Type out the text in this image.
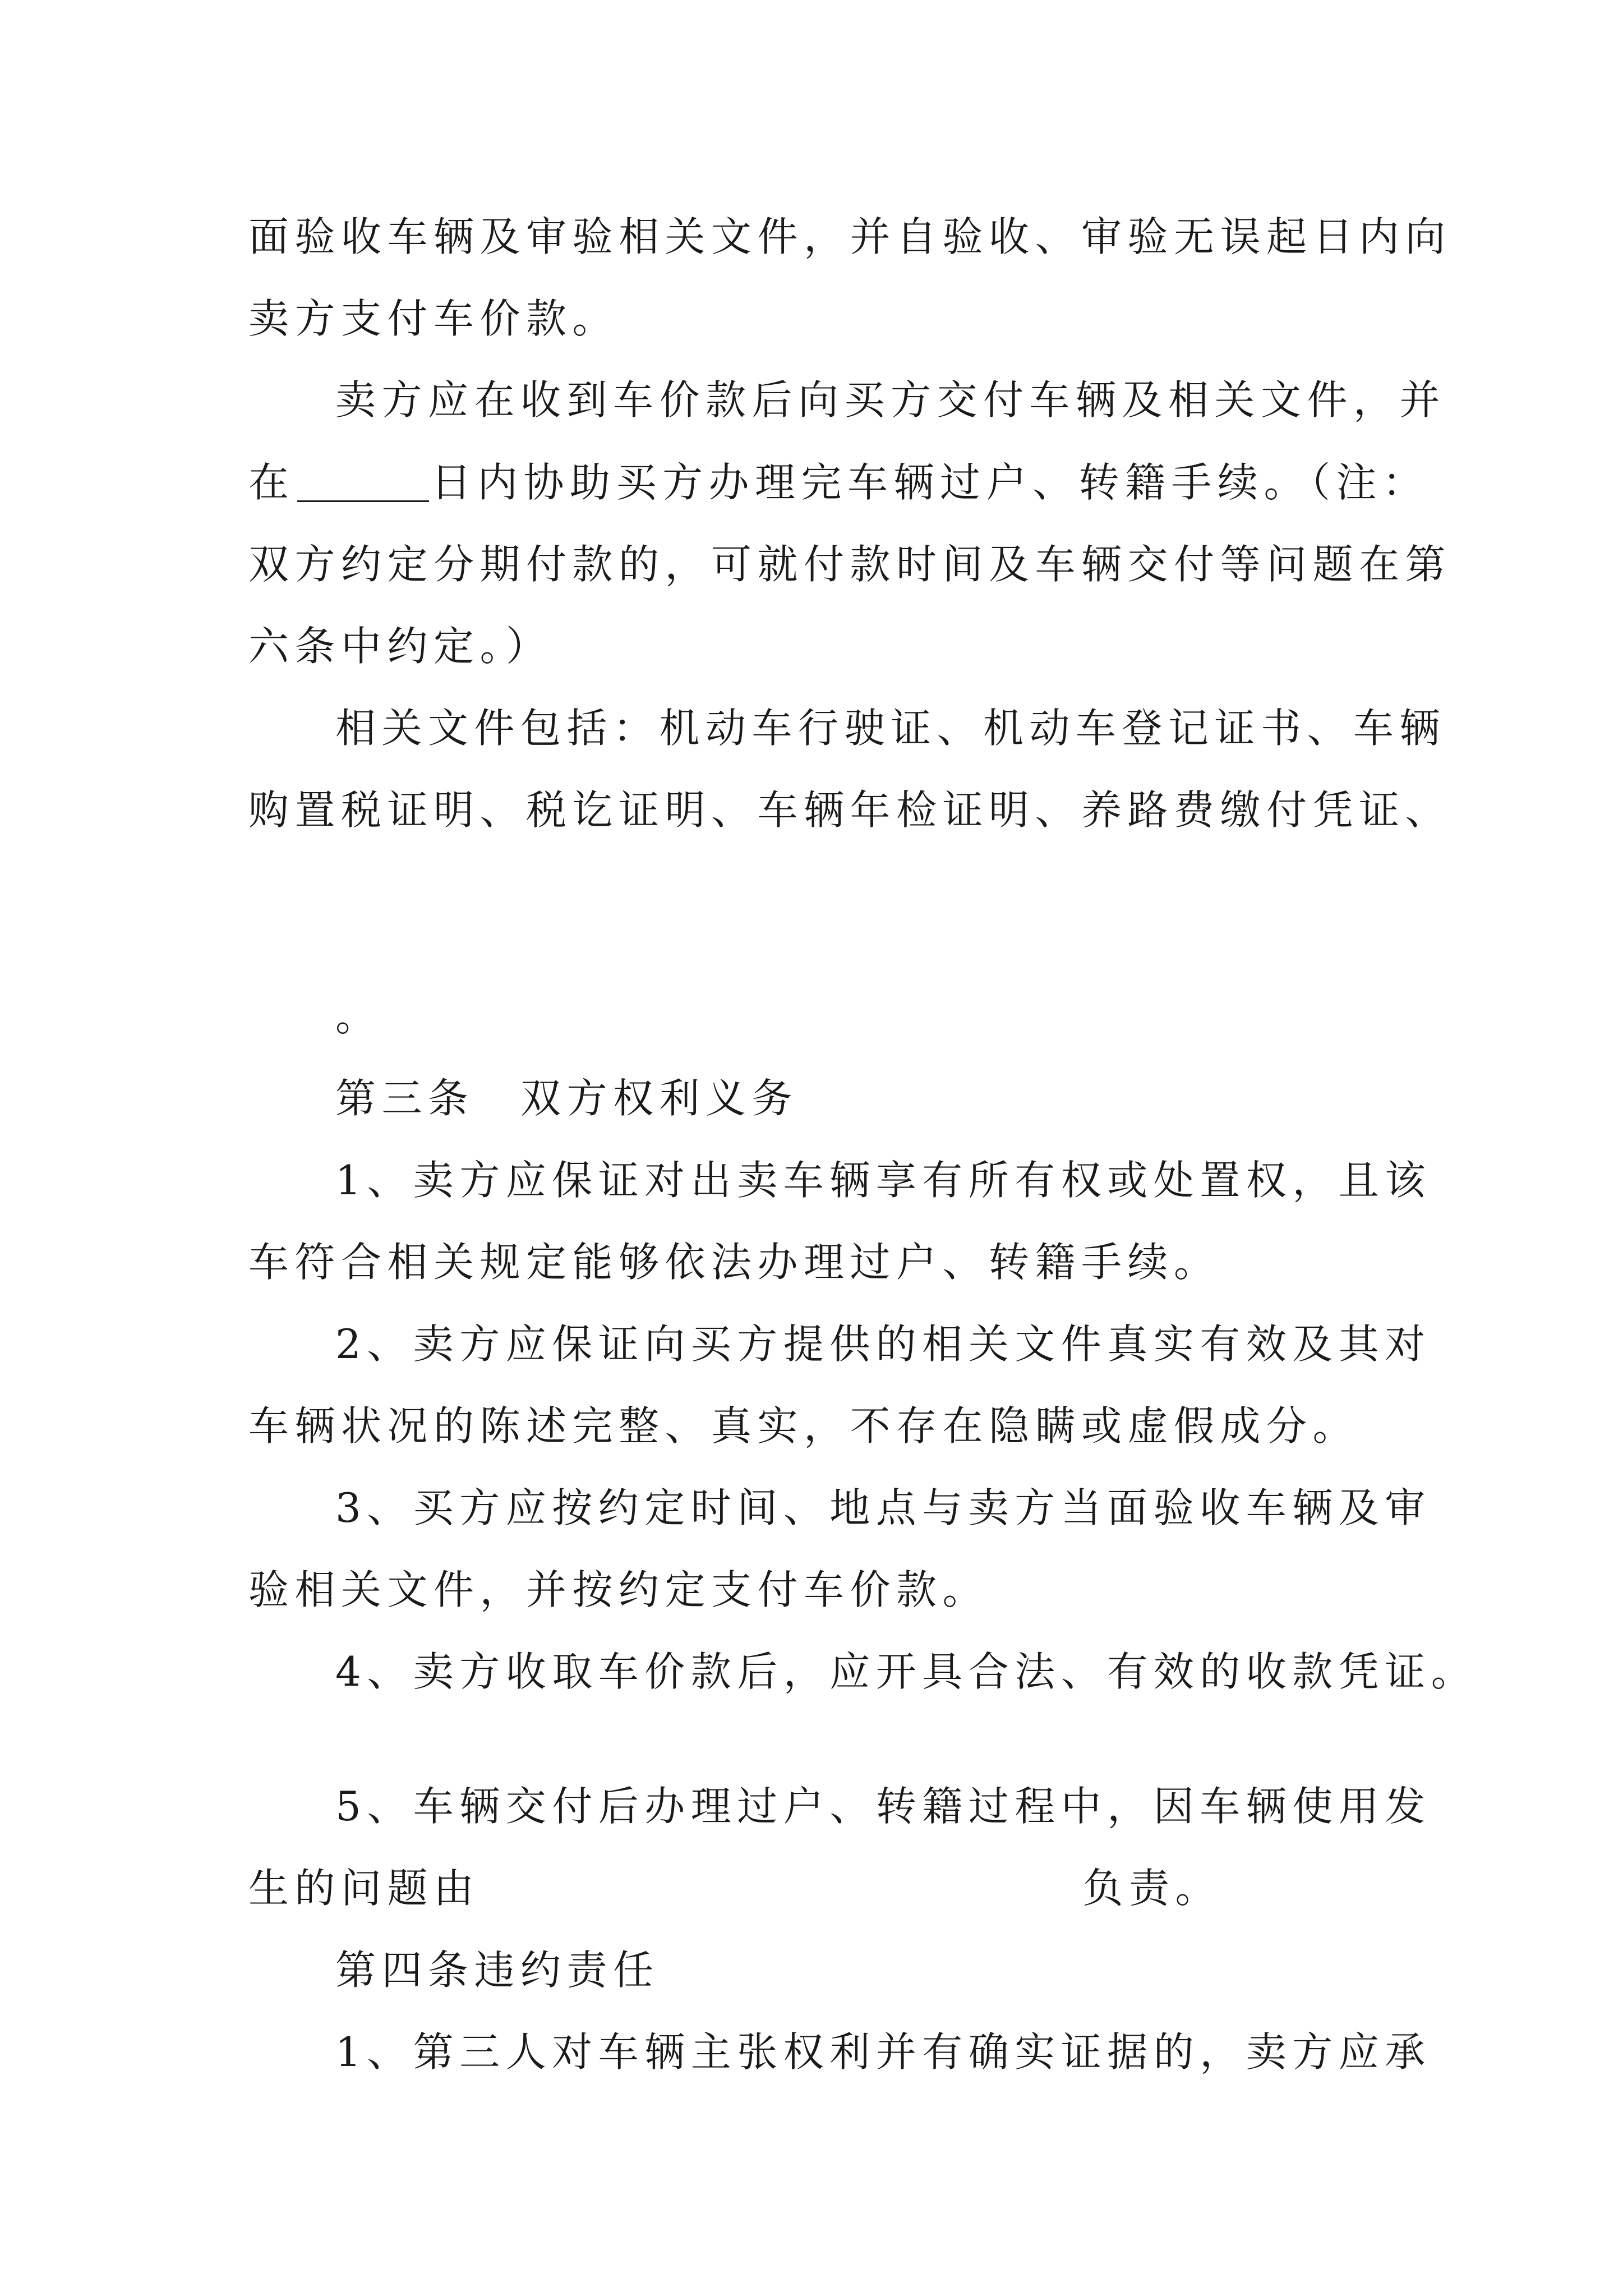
面验收车辆及审验相关文件，并自验收、审验无误起日内向
卖方支付车价款。
卖方应在收到车价款后向买方交付车辆及相关文件，并
在	日内协助买方办理完车辆过户、转籍手续。（注：
双方约定分期付款的，可就付款时间及车辆交付等问题在第
六条中约定。）
相关文件包括：机动车行驶证、机动车登记证书、车辆
购置税证明、税讫证明、车辆年检证明、养路费缴付凭证、
。
第三条　双方权利义务
1、卖方应保证对出卖车辆享有所有权或处置权，且该
车符合相关规定能够依法办理过户、转籍手续。
2、卖方应保证向买方提供的相关文件真实有效及其对
车辆状况的陈述完整、真实，不存在隐瞒或虚假成分。
3、买方应按约定时间、地点与卖方当面验收车辆及审
验相关文件，并按约定支付车价款。
4、卖方收取车价款后，应开具合法、有效的收款凭证。
5、车辆交付后办理过户、转籍过程中，因车辆使用发
生的问题由	负责。
第四条违约责任
1、第三人对车辆主张权利并有确实证据的，卖方应承
